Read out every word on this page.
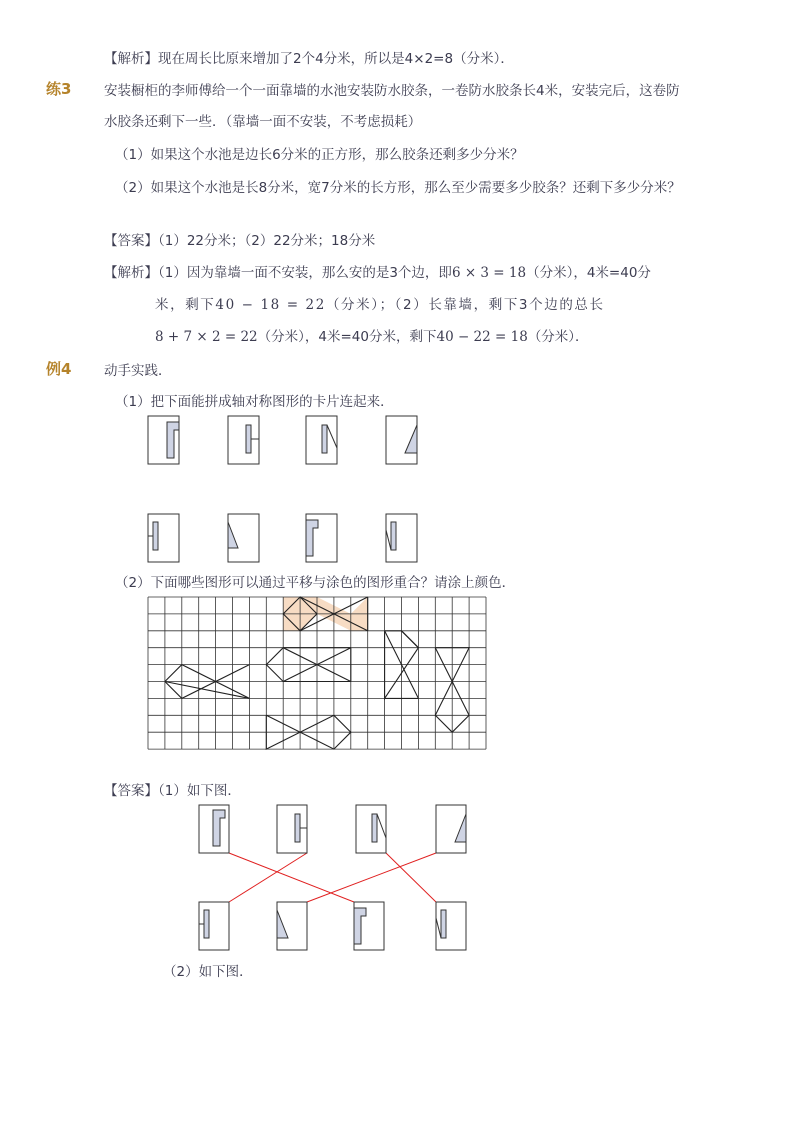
【解析】现在周长比原来增加了2个4分米，所以是4×2=8（分米）．
练3 安装橱柜的李师傅给一个一面靠墙的水池安装防水胶条，一卷防水胶条长4米，安装完后，这卷防
水胶条还剩下一些．（靠墙一面不安装，不考虑损耗）
（1）如果这个水池是边长6分米的正方形，那么胶条还剩多少分米？
（2）如果这个水池是长8分米，宽7分米的长方形，那么至少需要多少胶条？还剩下多少分米？
【答案】（1）22分米；（2）22分米；18分米
【解析】（1）因为靠墙一面不安装，那么安的是3个边，即6 × 3 = 18（分米），4米=40分
米，剩下40 − 18 = 22（分米）；（2）长靠墙，剩下3个边的总长
8 + 7 × 2 = 22（分米），4米=40分米，剩下40 − 22 = 18（分米）．
例4 动手实践．
（1）把下面能拼成轴对称图形的卡片连起来．
（2）下面哪些图形可以通过平移与涂色的图形重合？请涂上颜色．
【答案】（1）如下图．
（2）如下图．
